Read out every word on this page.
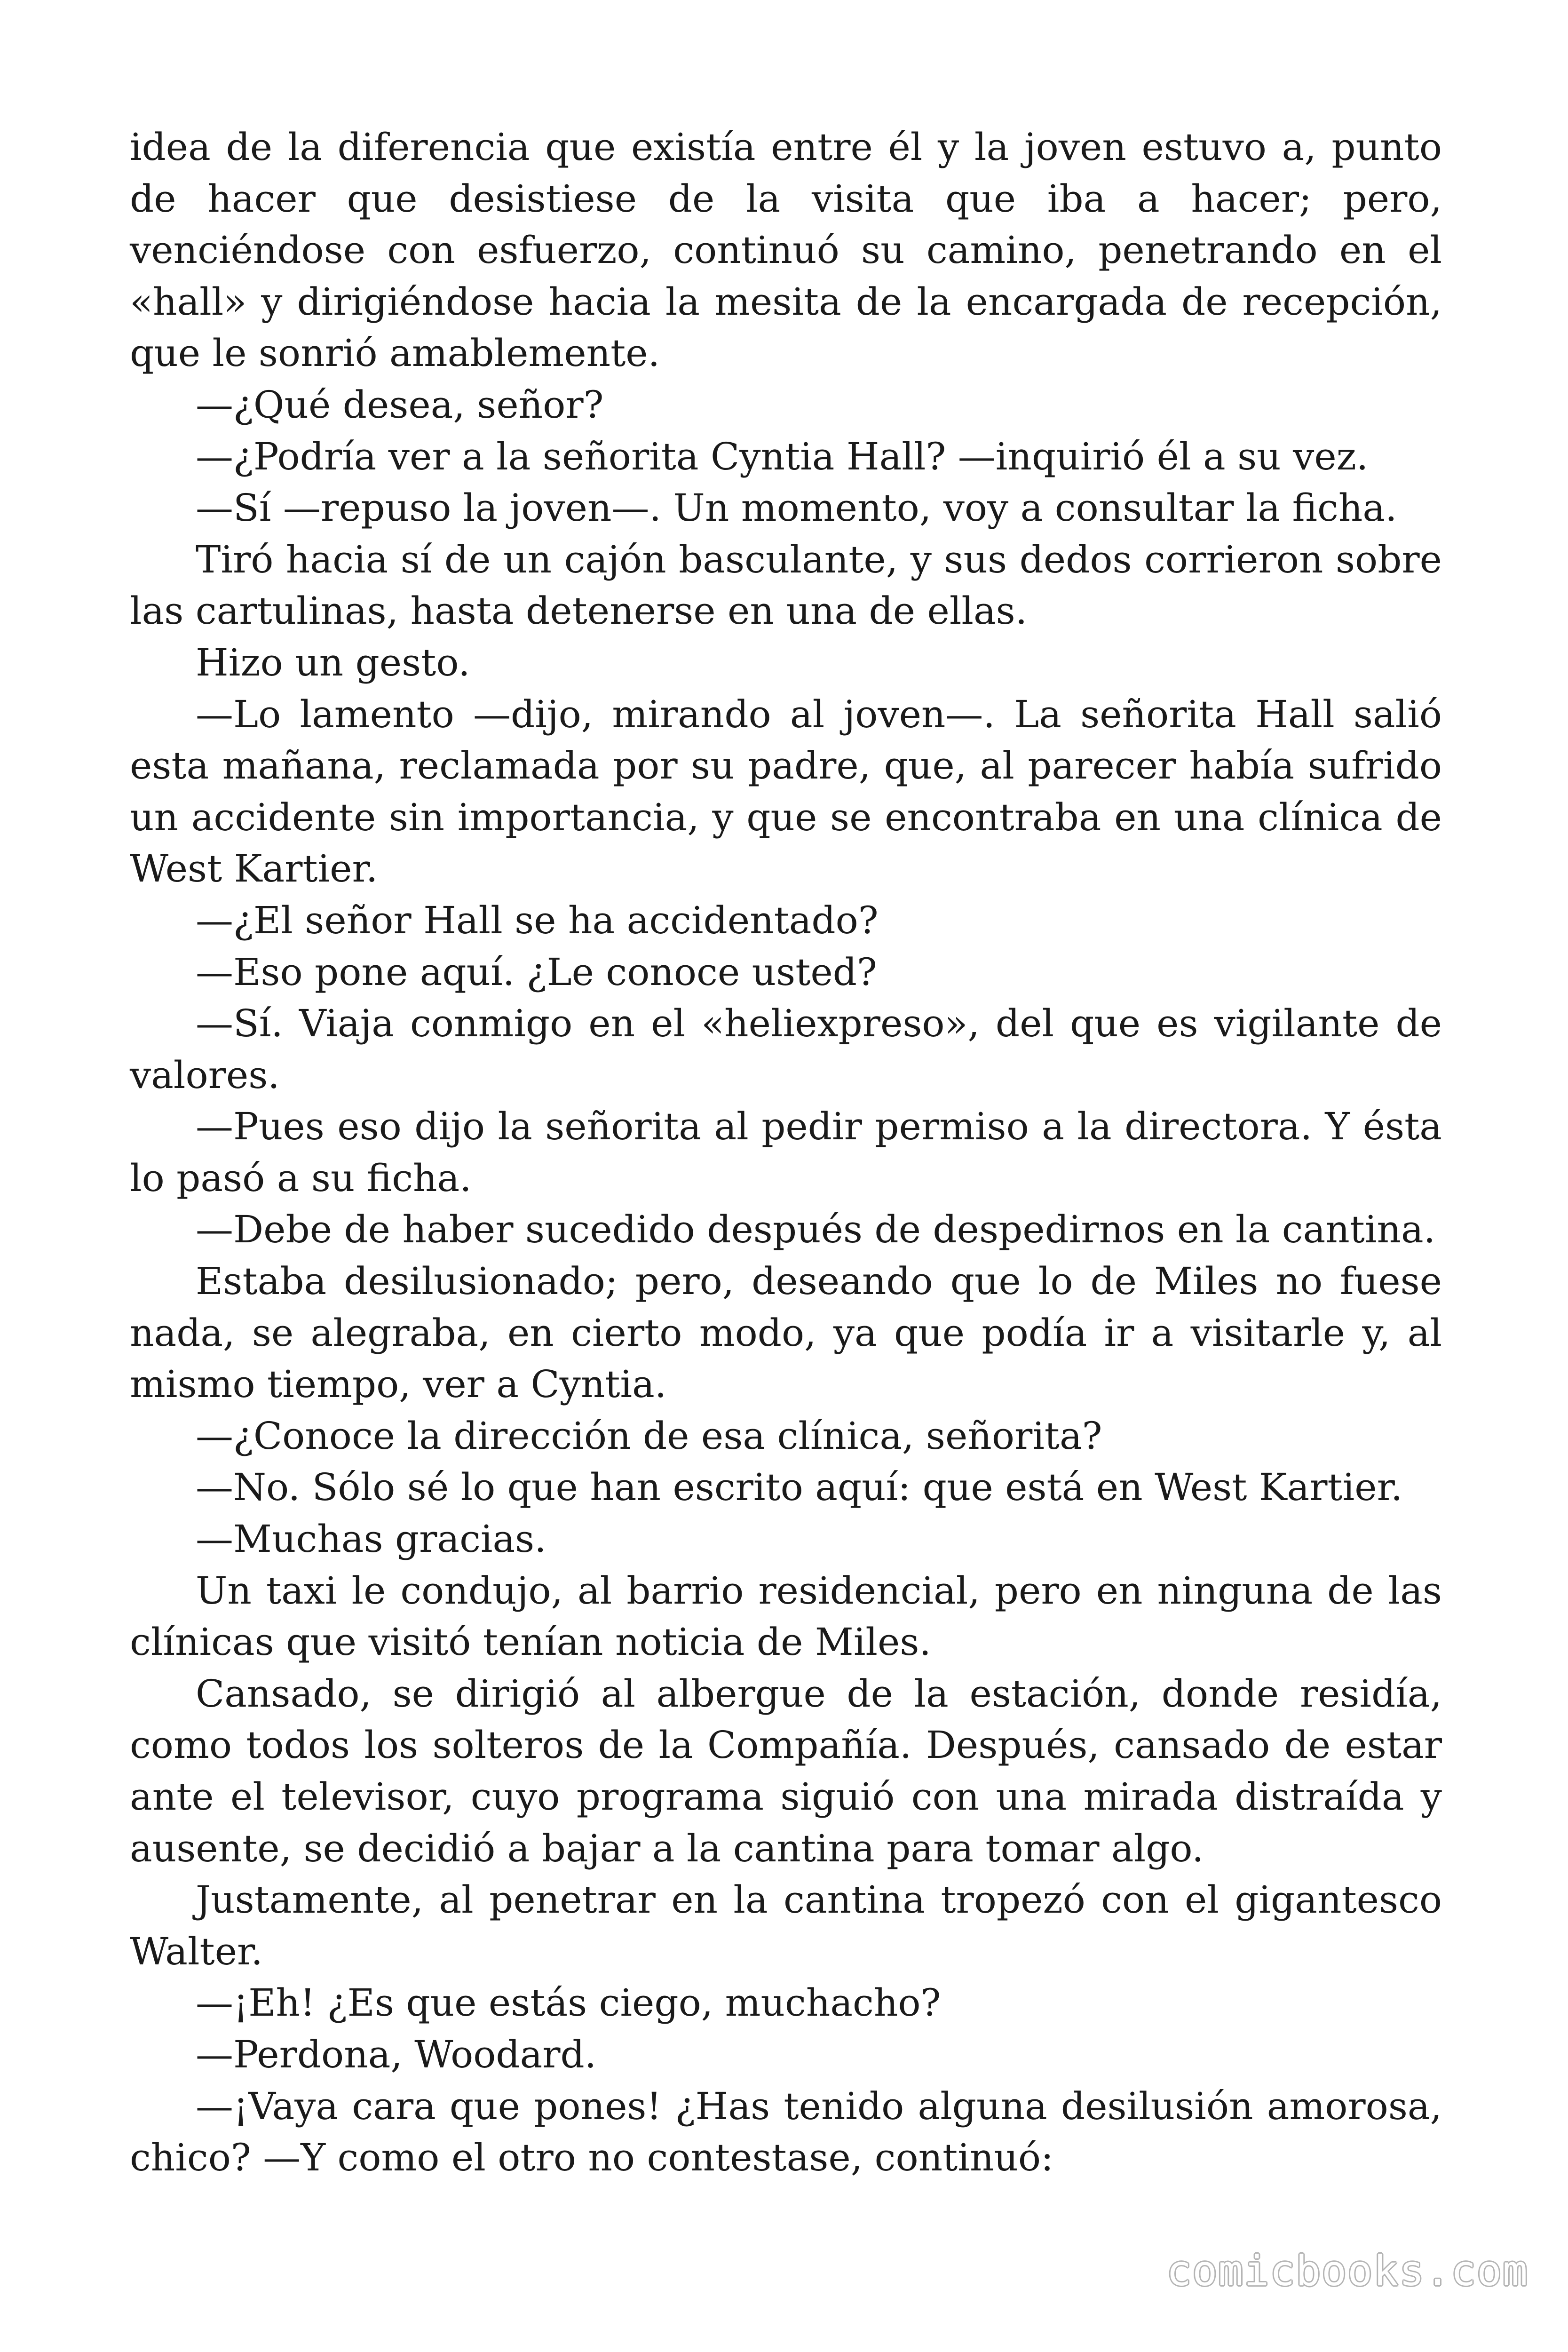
idea de la diferencia que existía entre él y la joven estuvo a, punto de hacer que desistiese de la visita que iba a hacer; pero, venciéndose con esfuerzo, continuó su camino, penetrando en el «hall» y dirigiéndose hacia la mesita de la encargada de recepción, que le sonrió amablemente.

—¿Qué desea, señor?

—¿Podría ver a la señorita Cyntia Hall? —inquirió él a su vez.

—Sí —repuso la joven—. Un momento, voy a consultar la ficha.

Tiró hacia sí de un cajón basculante, y sus dedos corrieron sobre las cartulinas, hasta detenerse en una de ellas.

Hizo un gesto.

—Lo lamento —dijo, mirando al joven—. La señorita Hall salió esta mañana, reclamada por su padre, que, al parecer había sufrido un accidente sin importancia, y que se encontraba en una clínica de West Kartier.

—¿El señor Hall se ha accidentado?

—Eso pone aquí. ¿Le conoce usted?

—Sí. Viaja conmigo en el «heliexpreso», del que es vigilante de valores.

—Pues eso dijo la señorita al pedir permiso a la directora. Y ésta lo pasó a su ficha.

—Debe de haber sucedido después de despedirnos en la cantina.

Estaba desilusionado; pero, deseando que lo de Miles no fuese nada, se alegraba, en cierto modo, ya que podía ir a visitarle y, al mismo tiempo, ver a Cyntia.

—¿Conoce la dirección de esa clínica, señorita?

—No. Sólo sé lo que han escrito aquí: que está en West Kartier.

—Muchas gracias.

Un taxi le condujo, al barrio residencial, pero en ninguna de las clínicas que visitó tenían noticia de Miles.

Cansado, se dirigió al albergue de la estación, donde residía, como todos los solteros de la Compañía. Después, cansado de estar ante el televisor, cuyo programa siguió con una mirada distraída y ausente, se decidió a bajar a la cantina para tomar algo.

Justamente, al penetrar en la cantina tropezó con el gigantesco Walter.

—¡Eh! ¿Es que estás ciego, muchacho?

—Perdona, Woodard.

—¡Vaya cara que pones! ¿Has tenido alguna desilusión amorosa, chico? —Y como el otro no contestase, continuó:

comicbooks.com
